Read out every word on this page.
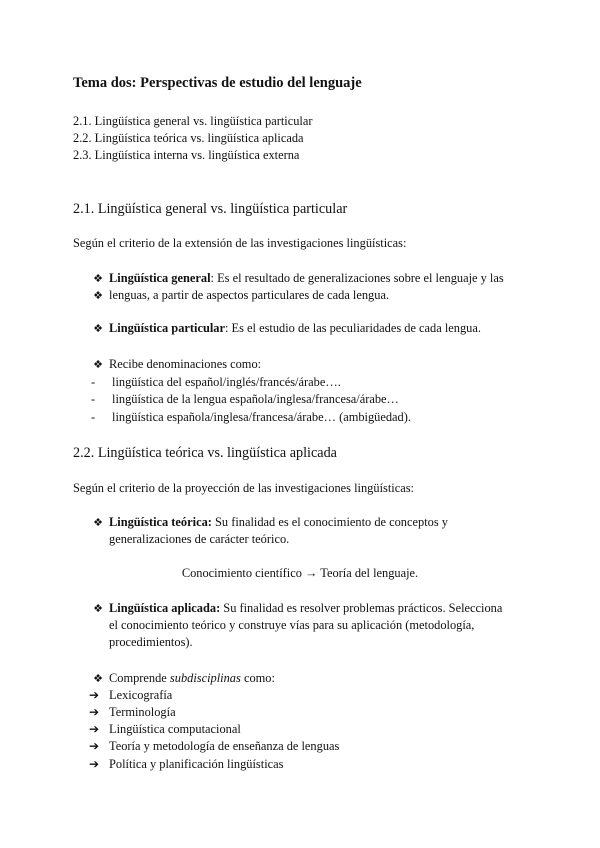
Tema dos: Perspectivas de estudio del lenguaje
2.1. Lingüística general vs. lingüística particular
2.2. Lingüística teórica vs. lingüística aplicada
2.3. Lingüística interna vs. lingüística externa
2.1. Lingüística general vs. lingüística particular
Según el criterio de la extensión de las investigaciones lingüísticas:
❖ Lingüística general: Es el resultado de generalizaciones sobre el lenguaje y las
❖ lenguas, a partir de aspectos particulares de cada lengua.
❖ Lingüística particular: Es el estudio de las peculiaridades de cada lengua.
❖ Recibe denominaciones como:
- lingüística del español/inglés/francés/árabe….
- lingüística de la lengua española/inglesa/francesa/árabe…
- lingüística española/inglesa/francesa/árabe… (ambigüedad).
2.2. Lingüística teórica vs. lingüística aplicada
Según el criterio de la proyección de las investigaciones lingüísticas:
❖ Lingüística teórica: Su finalidad es el conocimiento de conceptos y
generalizaciones de carácter teórico.
Conocimiento científico → Teoría del lenguaje.
❖ Lingüística aplicada: Su finalidad es resolver problemas prácticos. Selecciona
el conocimiento teórico y construye vías para su aplicación (metodología,
procedimientos).
❖ Comprende subdisciplinas como:
➔ Lexicografía
➔ Terminología
➔ Lingüística computacional
➔ Teoría y metodología de enseñanza de lenguas
➔ Política y planificación lingüísticas
